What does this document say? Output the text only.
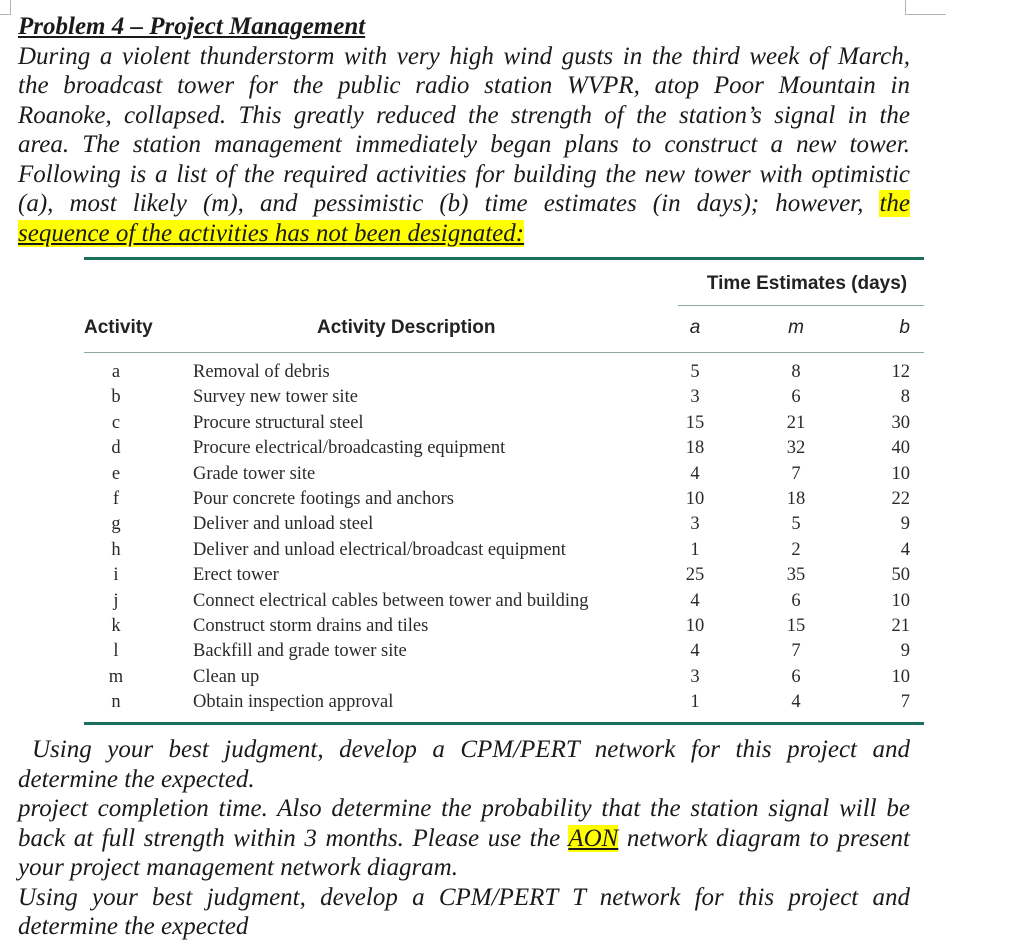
Problem 4 – Project Management
During a violent thunderstorm with very high wind gusts in the third week of March,
the broadcast tower for the public radio station WVPR, atop Poor Mountain in
Roanoke, collapsed. This greatly reduced the strength of the station’s signal in the
area. The station management immediately began plans to construct a new tower.
Following is a list of the required activities for building the new tower with optimistic
(a), most likely (m), and pessimistic (b) time estimates (in days); however, the
sequence of the activities has not been designated:
Time Estimates (days)
Activity	Activity Description	a	m	b
a	Removal of debris	5	8	12
b	Survey new tower site	3	6	8
c	Procure structural steel	15	21	30
d	Procure electrical/broadcasting equipment	18	32	40
e	Grade tower site	4	7	10
f	Pour concrete footings and anchors	10	18	22
g	Deliver and unload steel	3	5	9
h	Deliver and unload electrical/broadcast equipment	1	2	4
i	Erect tower	25	35	50
j	Connect electrical cables between tower and building	4	6	10
k	Construct storm drains and tiles	10	15	21
l	Backfill and grade tower site	4	7	9
m	Clean up	3	6	10
n	Obtain inspection approval	1	4	7
Using your best judgment, develop a CPM/PERT network for this project and
determine the expected.
project completion time. Also determine the probability that the station signal will be
back at full strength within 3 months. Please use the AON network diagram to present
your project management network diagram.
Using your best judgment, develop a CPM/PERT T network for this project and
determine the expected
